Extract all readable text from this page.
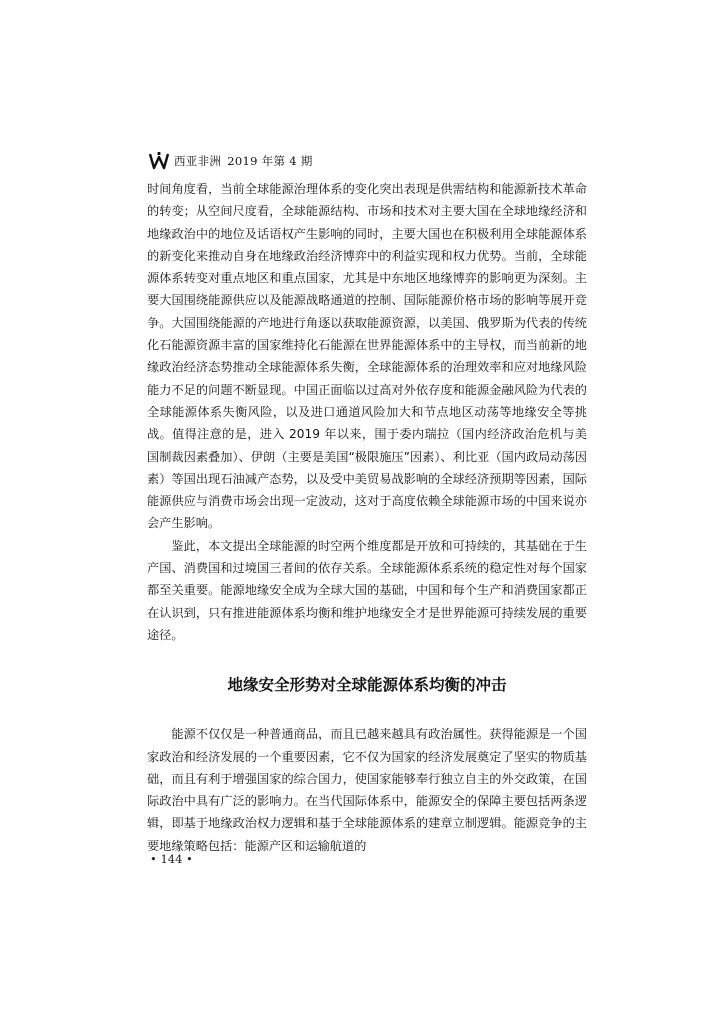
西亚非洲  2019 年第 4 期

时间角度看，当前全球能源治理体系的变化突出表现是供需结构和能源新技术革命的转变；从空间尺度看，全球能源结构、市场和技术对主要大国在全球地缘经济和地缘政治中的地位及话语权产生影响的同时，主要大国也在积极利用全球能源体系的新变化来推动自身在地缘政治经济博弈中的利益实现和权力优势。当前，全球能源体系转变对重点地区和重点国家，尤其是中东地区地缘博弈的影响更为深刻。主要大国围绕能源供应以及能源战略通道的控制、国际能源价格市场的影响等展开竞争。大国围绕能源的产地进行角逐以获取能源资源，以美国、俄罗斯为代表的传统化石能源资源丰富的国家维持化石能源在世界能源体系中的主导权，而当前新的地缘政治经济态势推动全球能源体系失衡，全球能源体系的治理效率和应对地缘风险能力不足的问题不断显现。中国正面临以过高对外依存度和能源金融风险为代表的全球能源体系失衡风险，以及进口通道风险加大和节点地区动荡等地缘安全等挑战。值得注意的是，进入 2019 年以来，围于委内瑞拉（国内经济政治危机与美国制裁因素叠加）、伊朗（主要是美国“极限施压”因素）、利比亚（国内政局动荡因素）等国出现石油减产态势，以及受中美贸易战影响的全球经济预期等因素，国际能源供应与消费市场会出现一定波动，这对于高度依赖全球能源市场的中国来说亦会产生影响。

鉴此，本文提出全球能源的时空两个维度都是开放和可持续的，其基础在于生产国、消费国和过境国三者间的依存关系。全球能源体系系统的稳定性对每个国家都至关重要。能源地缘安全成为全球大国的基础，中国和每个生产和消费国家都正在认识到，只有推进能源体系均衡和维护地缘安全才是世界能源可持续发展的重要途径。

地缘安全形势对全球能源体系均衡的冲击

能源不仅仅是一种普通商品，而且已越来越具有政治属性。获得能源是一个国家政治和经济发展的一个重要因素，它不仅为国家的经济发展奠定了坚实的物质基础，而且有利于增强国家的综合国力，使国家能够奉行独立自主的外交政策，在国际政治中具有广泛的影响力。在当代国际体系中，能源安全的保障主要包括两条逻辑，即基于地缘政治权力逻辑和基于全球能源体系的建章立制逻辑。能源竞争的主要地缘策略包括：能源产区和运输航道的

• 144 •
